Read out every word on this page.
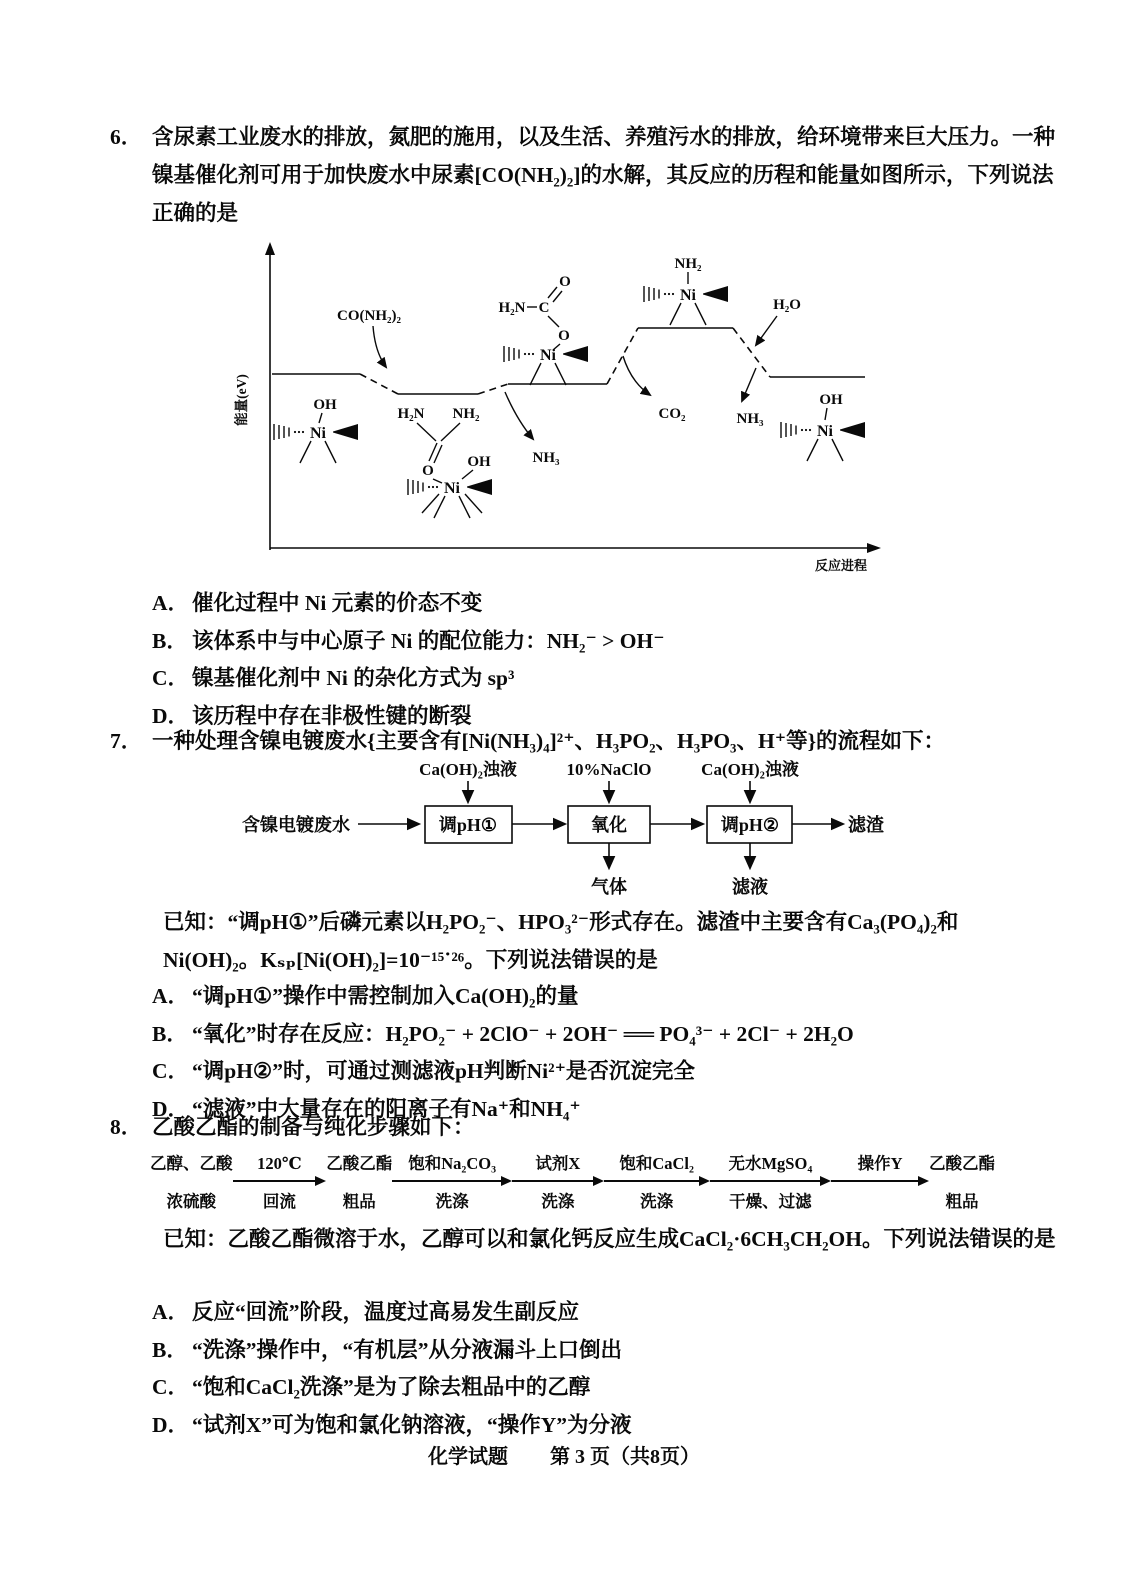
6． 含尿素工业废水的排放，氮肥的施用，以及生活、养殖污水的排放，给环境带来巨大压力。一种镍基催化剂可用于加快废水中尿素[CO(NH₂)₂]的水解，其反应的历程和能量如图所示，下列说法正确的是
能量(eV)
反应进程
CO(NH₂)₂
OH
Ni
H₂N NH₂
O
OH
Ni
NH₃
H₂N C
O
O
Ni
CO₂
NH₂
Ni
H₂O
NH₃
OH
Ni
A． 催化过程中 Ni 元素的价态不变
B． 该体系中与中心原子 Ni 的配位能力：NH₂⁻ > OH⁻
C． 镍基催化剂中 Ni 的杂化方式为 sp³
D． 该历程中存在非极性键的断裂
7． 一种处理含镍电镀废水{主要含有[Ni(NH₃)₄]²⁺、H₃PO₂、H₃PO₃、H⁺等}的流程如下：
Ca(OH)₂浊液	10%NaClO	Ca(OH)₂浊液
含镍电镀废水	调pH①	氧化	调pH②	滤渣
气体	滤液
已知：“调pH①”后磷元素以H₂PO₂⁻、HPO₃²⁻形式存在。滤渣中主要含有Ca₃(PO₄)₂和Ni(OH)₂。Kₛₚ[Ni(OH)₂]=10⁻¹⁵˙²⁶。下列说法错误的是
A． “调pH①”操作中需控制加入Ca(OH)₂的量
B． “氧化”时存在反应：H₂PO₂⁻ + 2ClO⁻ + 2OH⁻ ══ PO₄³⁻ + 2Cl⁻ + 2H₂O
C． “调pH②”时，可通过测滤液pH判断Ni²⁺是否沉淀完全
D． “滤液”中大量存在的阳离子有Na⁺和NH₄⁺
8． 乙酸乙酯的制备与纯化步骤如下：
乙醇、乙酸
浓硫酸
120℃
回流
乙酸乙酯
粗品
饱和Na₂CO₃
洗涤
试剂X
洗涤
饱和CaCl₂
洗涤
无水MgSO₄
干燥、过滤
操作Y 乙酸乙酯
粗品
已知：乙酸乙酯微溶于水，乙醇可以和氯化钙反应生成CaCl₂·6CH₃CH₂OH。下列说法错误的是
A． 反应“回流”阶段，温度过高易发生副反应
B． “洗涤”操作中，“有机层”从分液漏斗上口倒出
C． “饱和CaCl₂洗涤”是为了除去粗品中的乙醇
D． “试剂X”可为饱和氯化钠溶液，“操作Y”为分液
化学试题 第 3 页（共8页）
